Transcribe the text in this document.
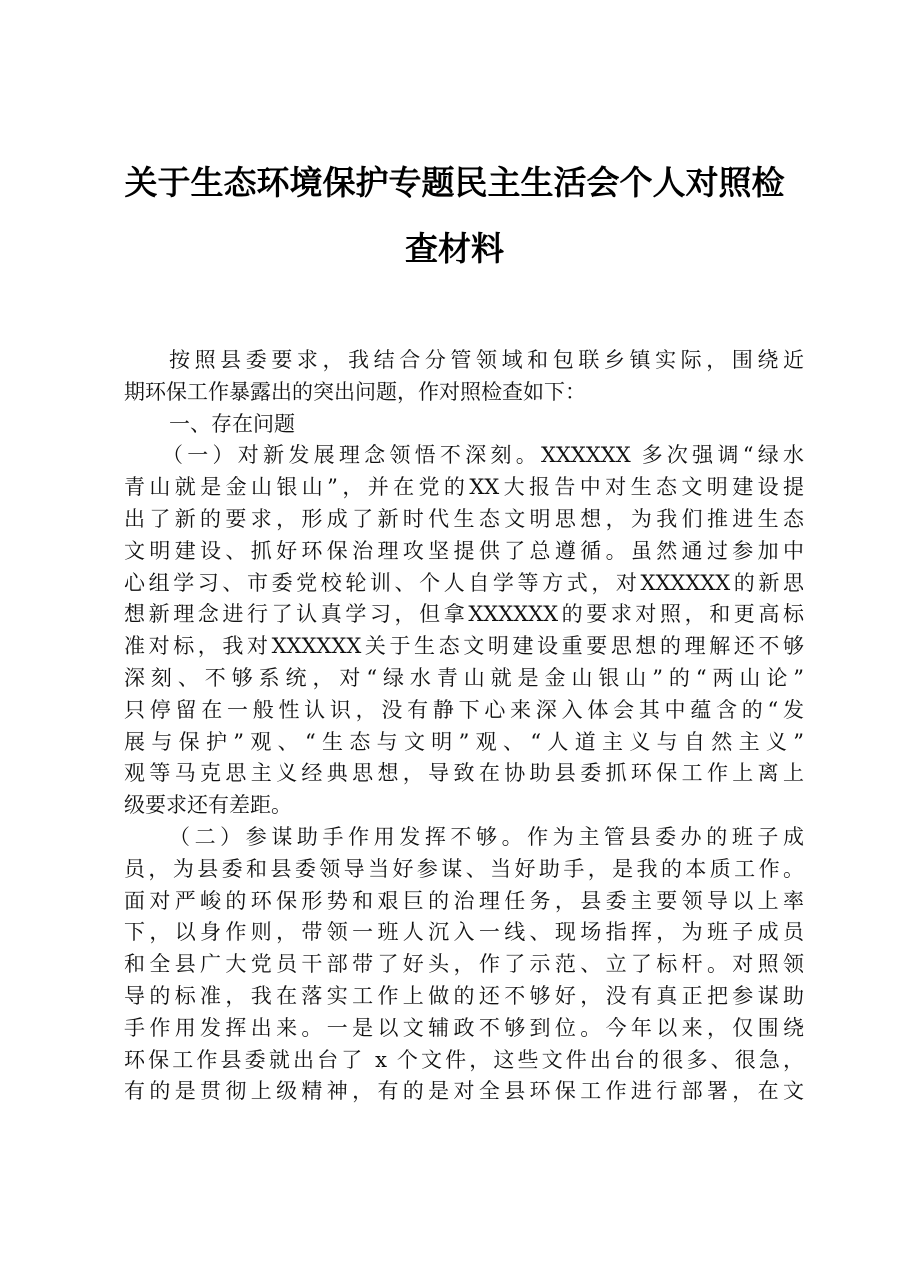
关于生态环境保护专题民主生活会个人对照检
查材料
按照县委要求，我结合分管领域和包联乡镇实际，围绕近
期环保工作暴露出的突出问题，作对照检查如下：
一、存在问题
（一）对新发展理念领悟不深刻。XXXXXX 多次强调“绿水
青山就是金山银山”，并在党的XX大报告中对生态文明建设提
出了新的要求，形成了新时代生态文明思想，为我们推进生态
文明建设、抓好环保治理攻坚提供了总遵循。虽然通过参加中
心组学习、市委党校轮训、个人自学等方式，对XXXXXX的新思
想新理念进行了认真学习，但拿XXXXXX的要求对照，和更高标
准对标，我对XXXXXX关于生态文明建设重要思想的理解还不够
深刻、不够系统，对“绿水青山就是金山银山”的“两山论”
只停留在一般性认识，没有静下心来深入体会其中蕴含的“发
展与保护”观、“生态与文明”观、“人道主义与自然主义”
观等马克思主义经典思想，导致在协助县委抓环保工作上离上
级要求还有差距。
（二）参谋助手作用发挥不够。作为主管县委办的班子成
员，为县委和县委领导当好参谋、当好助手，是我的本质工作。
面对严峻的环保形势和艰巨的治理任务，县委主要领导以上率
下，以身作则，带领一班人沉入一线、现场指挥，为班子成员
和全县广大党员干部带了好头，作了示范、立了标杆。对照领
导的标准，我在落实工作上做的还不够好，没有真正把参谋助
手作用发挥出来。一是以文辅政不够到位。今年以来，仅围绕
环保工作县委就出台了 x 个文件，这些文件出台的很多、很急，
有的是贯彻上级精神，有的是对全县环保工作进行部署，在文
